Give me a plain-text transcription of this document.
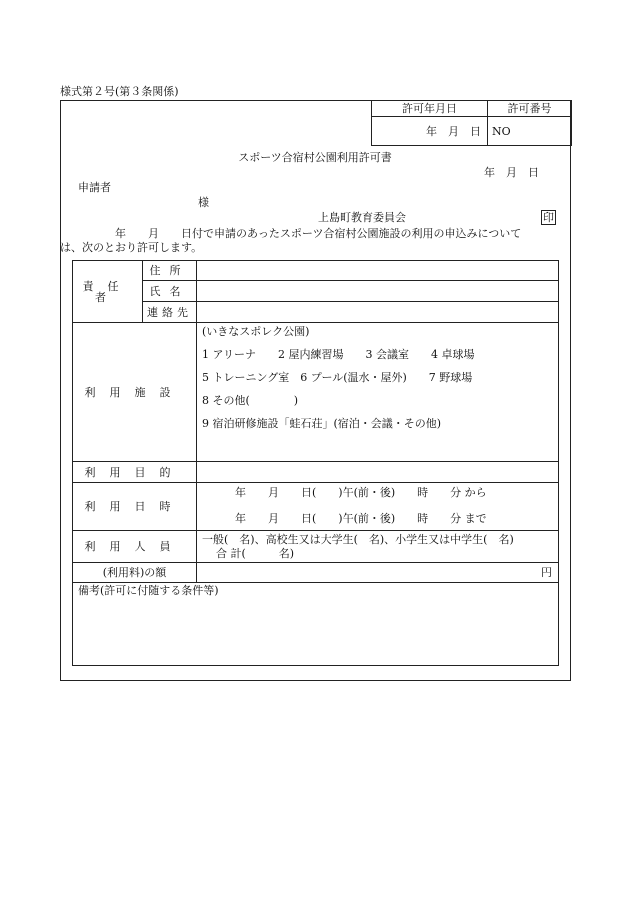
様式第２号(第３条関係)
許可年月日	許可番号
年　月　日	NO
スポーツ合宿村公園利用許可書
年　月　日
申請者
様
上島町教育委員会	印
年　　月　　日付で申請のあったスポーツ合宿村公園施設の利用の申込みについて
は、次のとおり許可します。
責任者	住所	
	氏名	
	連絡先	
利用施設		(いきなスポレク公園)
1 アリーナ　　2 屋内練習場　　3 会議室　　4 卓球場
5 トレーニング室　6 プール(温水・屋外)　　7 野球場
8 その他(　　　　)
9 宿泊研修施設「蛙石荘」(宿泊・会議・その他)

利用目的		
利用日時		年　　月　　日(　　)午(前・後)　　時　　分 から
年　　月　　日(　　)午(前・後)　　時　　分 まで

利用人員		一般(　名)、高校生又は大学生(　名)、小学生又は中学生(　名)
合 計(　　　名)

(利用料)の額		円
備考(許可に付随する条件等)		
